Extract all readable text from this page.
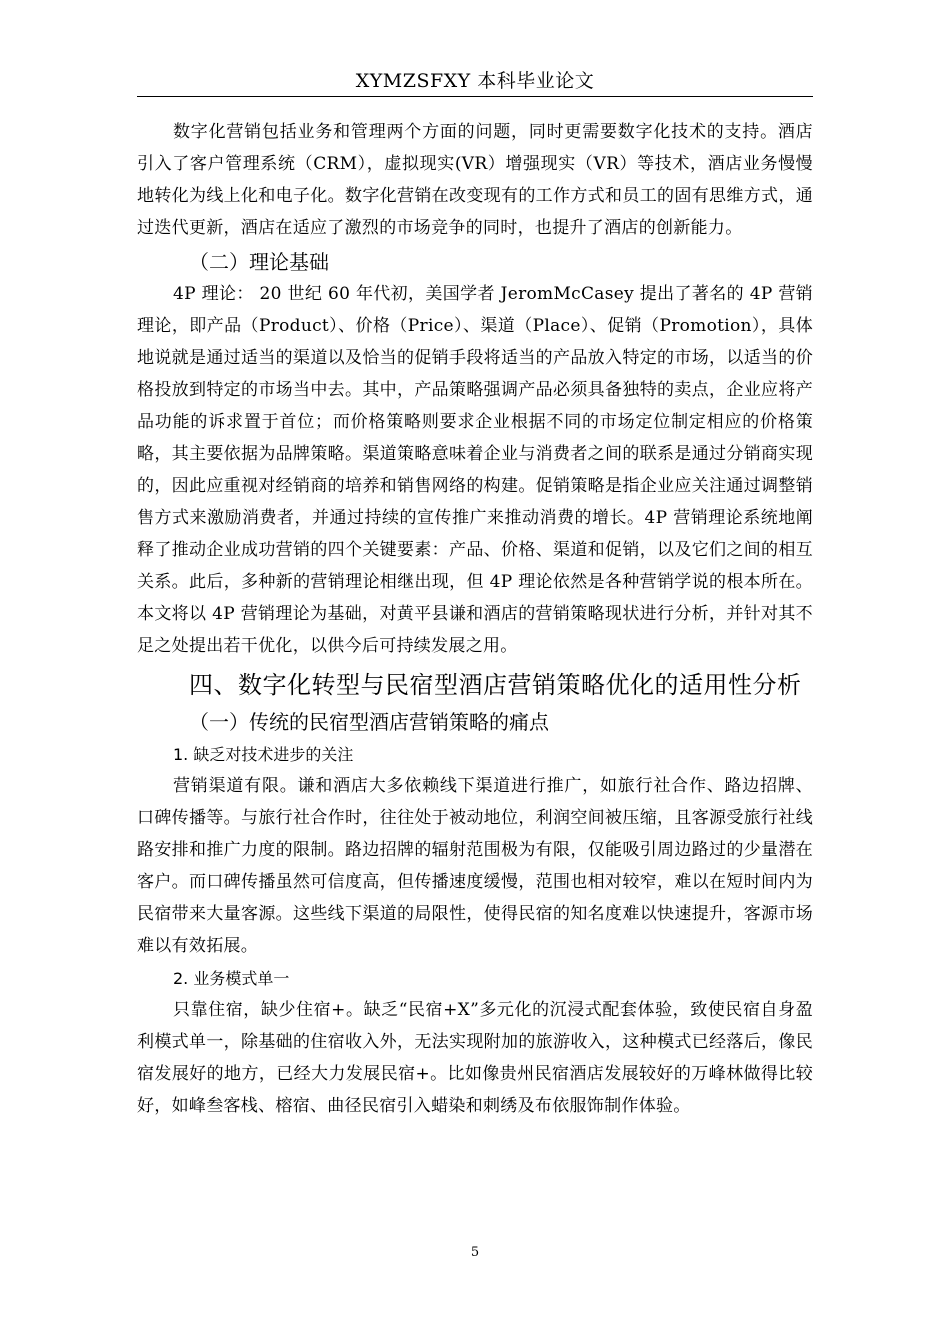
XYMZSFXY 本科毕业论文

数字化营销包括业务和管理两个方面的问题，同时更需要数字化技术的支持。酒店引入了客户管理系统（CRM），虚拟现实(VR）增强现实（VR）等技术，酒店业务慢慢地转化为线上化和电子化。数字化营销在改变现有的工作方式和员工的固有思维方式，通过迭代更新，酒店在适应了激烈的市场竞争的同时，也提升了酒店的创新能力。

（二）理论基础

4P 理论： 20 世纪 60 年代初，美国学者 JeromMcCasey 提出了著名的 4P 营销理论，即产品（Product）、价格（Price）、渠道（Place）、促销（Promotion），具体地说就是通过适当的渠道以及恰当的促销手段将适当的产品放入特定的市场，以适当的价格投放到特定的市场当中去。其中，产品策略强调产品必须具备独特的卖点，企业应将产品功能的诉求置于首位；而价格策略则要求企业根据不同的市场定位制定相应的价格策略，其主要依据为品牌策略。渠道策略意味着企业与消费者之间的联系是通过分销商实现的，因此应重视对经销商的培养和销售网络的构建。促销策略是指企业应关注通过调整销售方式来激励消费者，并通过持续的宣传推广来推动消费的增长。4P 营销理论系统地阐释了推动企业成功营销的四个关键要素：产品、价格、渠道和促销，以及它们之间的相互关系。此后，多种新的营销理论相继出现，但 4P 理论依然是各种营销学说的根本所在。本文将以 4P 营销理论为基础，对黄平县谦和酒店的营销策略现状进行分析，并针对其不足之处提出若干优化，以供今后可持续发展之用。

四、数字化转型与民宿型酒店营销策略优化的适用性分析
（一）传统的民宿型酒店营销策略的痛点
1. 缺乏对技术进步的关注

营销渠道有限。谦和酒店大多依赖线下渠道进行推广，如旅行社合作、路边招牌、口碑传播等。与旅行社合作时，往往处于被动地位，利润空间被压缩，且客源受旅行社线路安排和推广力度的限制。路边招牌的辐射范围极为有限，仅能吸引周边路过的少量潜在客户。而口碑传播虽然可信度高，但传播速度缓慢，范围也相对较窄，难以在短时间内为民宿带来大量客源。这些线下渠道的局限性，使得民宿的知名度难以快速提升，客源市场难以有效拓展。

2. 业务模式单一

只靠住宿，缺少住宿+。缺乏“民宿+X”多元化的沉浸式配套体验，致使民宿自身盈利模式单一，除基础的住宿收入外，无法实现附加的旅游收入，这种模式已经落后，像民宿发展好的地方，已经大力发展民宿+。比如像贵州民宿酒店发展较好的万峰林做得比较好，如峰叁客栈、榕宿、曲径民宿引入蜡染和刺绣及布依服饰制作体验。

5
